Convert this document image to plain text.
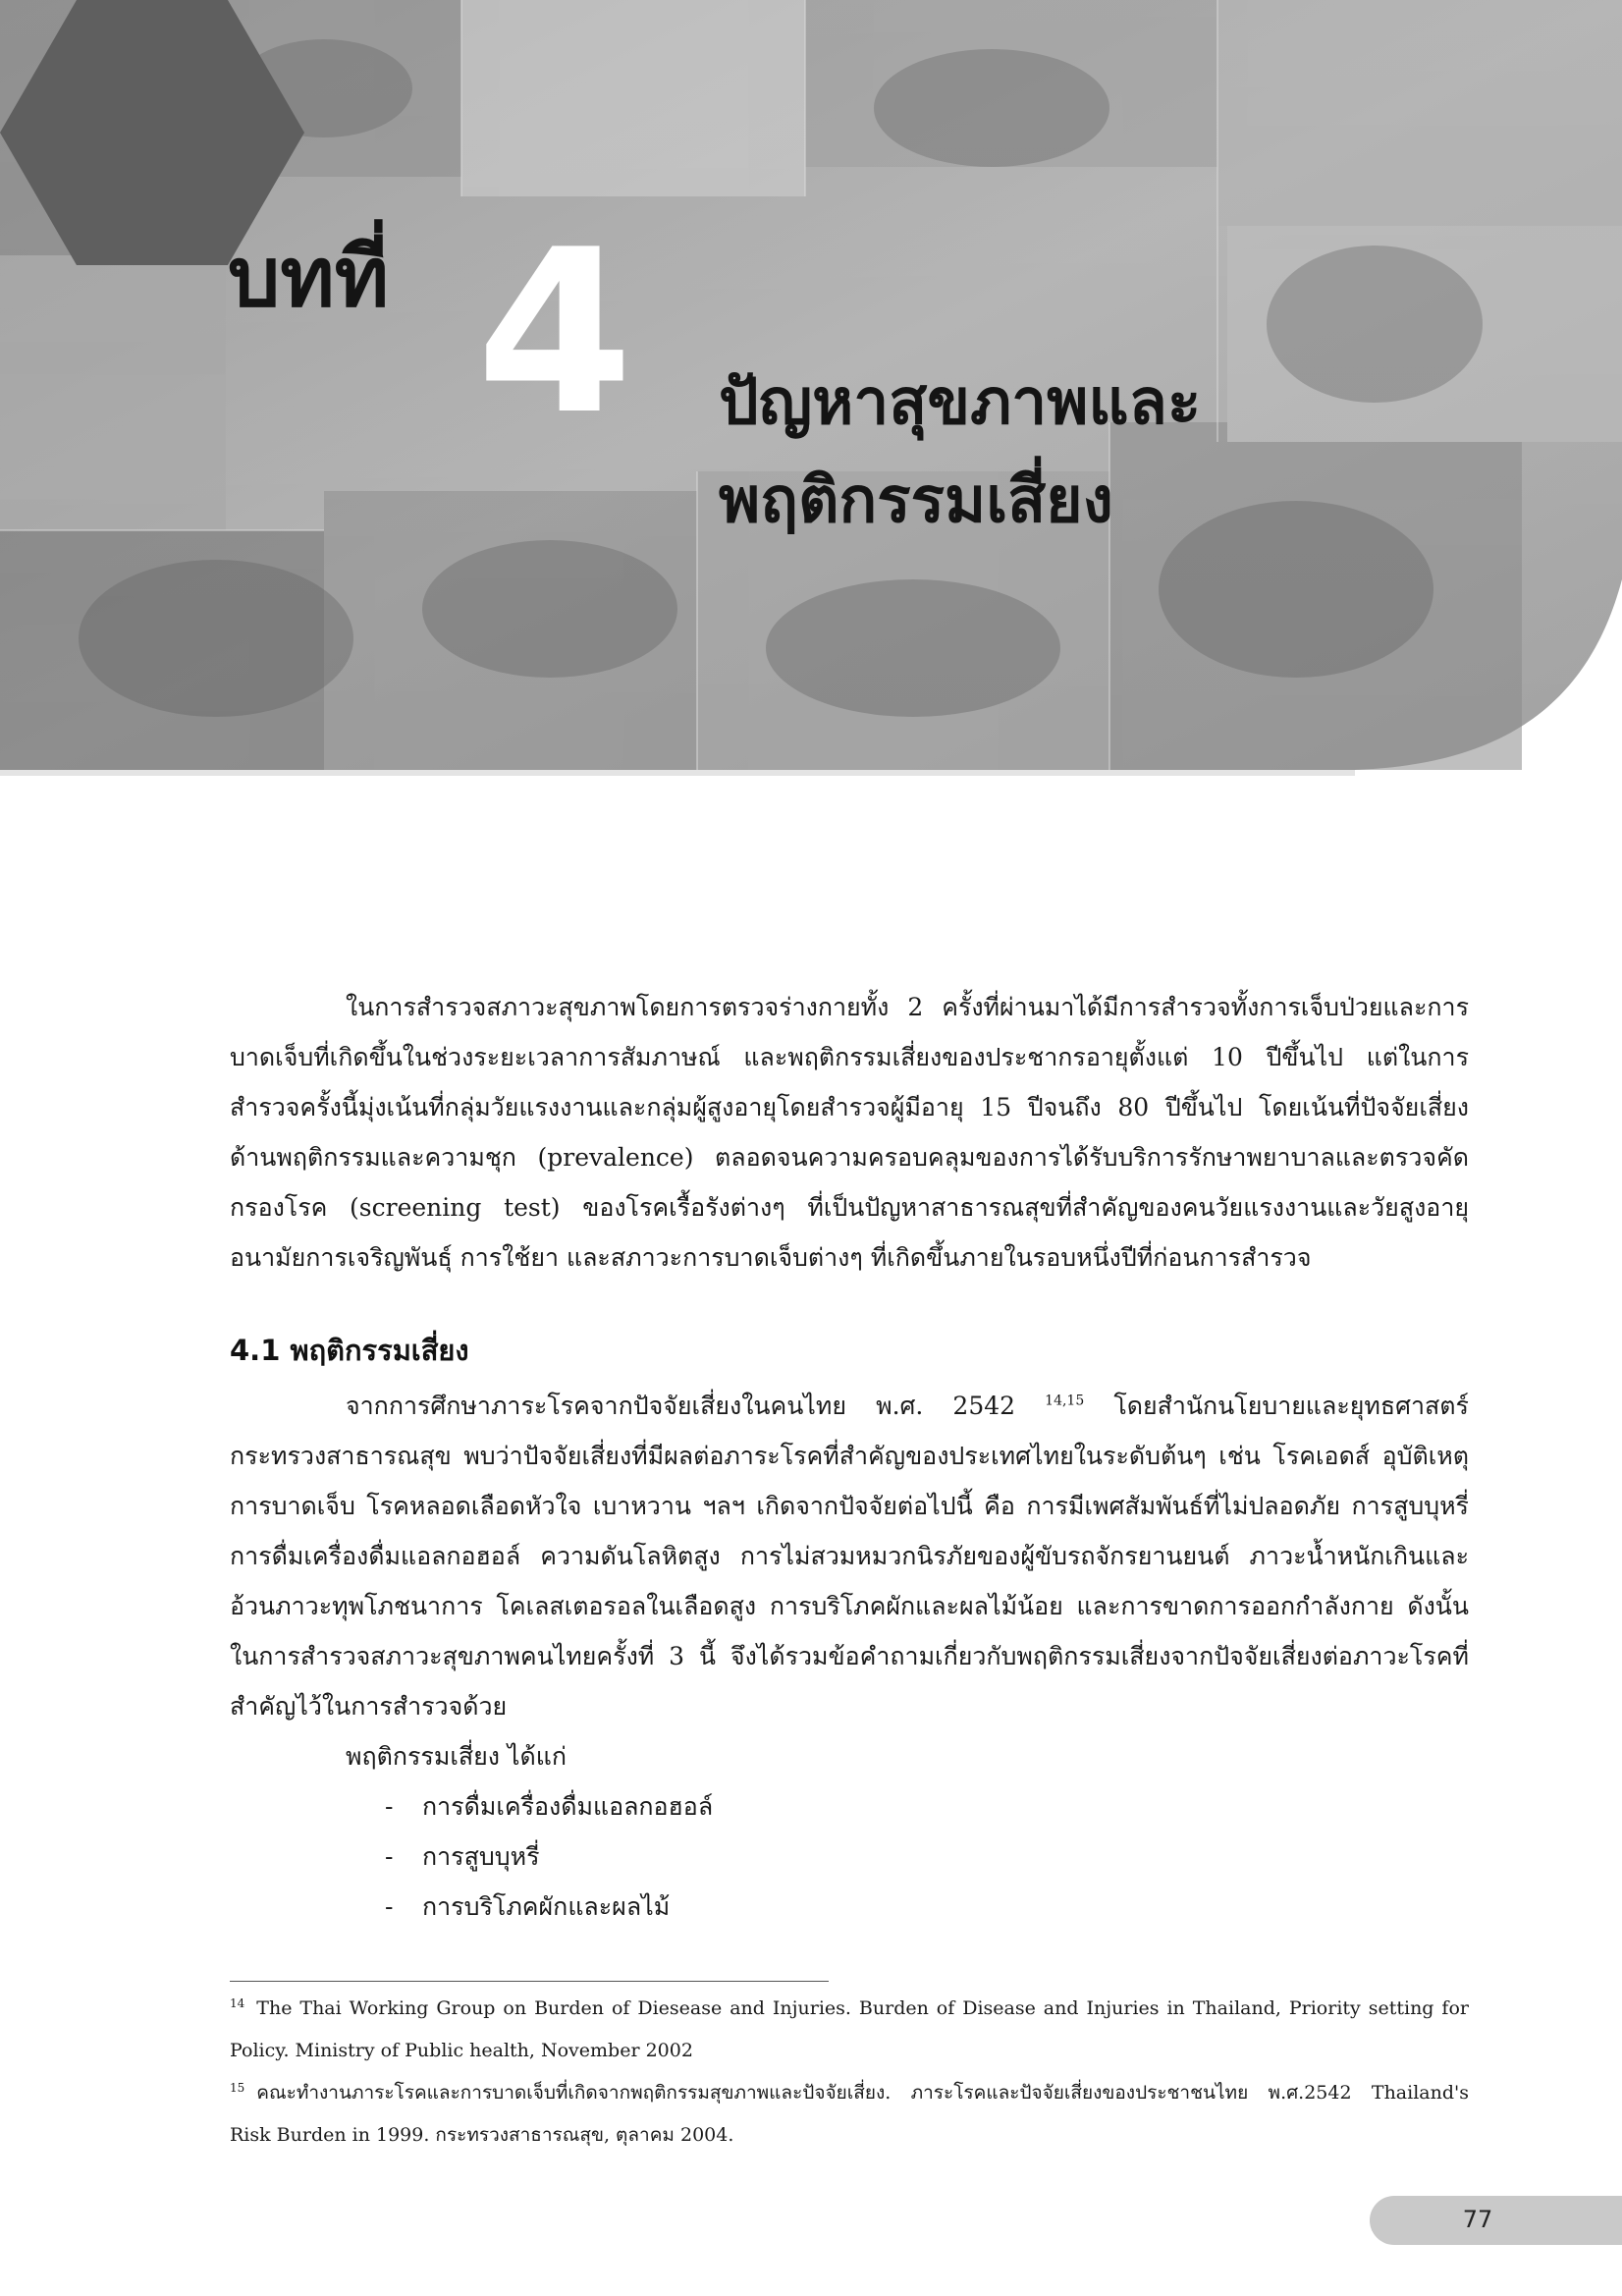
บทที่ 4	ปัญหาสุขภาพและ
พฤติกรรมเสี่ยง

ในการสำรวจสภาวะสุขภาพโดยการตรวจร่างกายทั้ง 2 ครั้งที่ผ่านมาได้มีการสำรวจทั้งการเจ็บป่วยและการบาดเจ็บที่เกิดขึ้นในช่วงระยะเวลาการสัมภาษณ์ และพฤติกรรมเสี่ยงของประชากรอายุตั้งแต่ 10 ปีขึ้นไป แต่ในการสำรวจครั้งนี้มุ่งเน้นที่กลุ่มวัยแรงงานและกลุ่มผู้สูงอายุโดยสำรวจผู้มีอายุ 15 ปีจนถึง 80 ปีขึ้นไป โดยเน้นที่ปัจจัยเสี่ยงด้านพฤติกรรมและความชุก (prevalence) ตลอดจนความครอบคลุมของการได้รับบริการรักษาพยาบาลและตรวจคัดกรองโรค (screening test) ของโรคเรื้อรังต่างๆ ที่เป็นปัญหาสาธารณสุขที่สำคัญของคนวัยแรงงานและวัยสูงอายุ อนามัยการเจริญพันธุ์ การใช้ยา และสภาวะการบาดเจ็บต่างๆ ที่เกิดขึ้นภายในรอบหนึ่งปีที่ก่อนการสำรวจ

4.1 พฤติกรรมเสี่ยง

จากการศึกษาภาระโรคจากปัจจัยเสี่ยงในคนไทย พ.ศ. 2542 $^{14,15}$ โดยสำนักนโยบายและยุทธศาสตร์กระทรวงสาธารณสุข พบว่าปัจจัยเสี่ยงที่มีผลต่อภาระโรคที่สำคัญของประเทศไทยในระดับต้นๆ เช่น โรคเอดส์ อุบัติเหตุการบาดเจ็บ โรคหลอดเลือดหัวใจ เบาหวาน ฯลฯ เกิดจากปัจจัยต่อไปนี้ คือ การมีเพศสัมพันธ์ที่ไม่ปลอดภัย การสูบบุหรี่การดื่มเครื่องดื่มแอลกอฮอล์ ความดันโลหิตสูง การไม่สวมหมวกนิรภัยของผู้ขับรถจักรยานยนต์ ภาวะน้ำหนักเกินและอ้วนภาวะทุพโภชนาการ โคเลสเตอรอลในเลือดสูง การบริโภคผักและผลไม้น้อย และการขาดการออกกำลังกาย ดังนั้นในการสำรวจสภาวะสุขภาพคนไทยครั้งที่ 3 นี้ จึงได้รวมข้อคำถามเกี่ยวกับพฤติกรรมเสี่ยงจากปัจจัยเสี่ยงต่อภาวะโรคที่สำคัญไว้ในการสำรวจด้วย

พฤติกรรมเสี่ยง ได้แก่

- การดื่มเครื่องดื่มแอลกอฮอล์
- การสูบบุหรี่
- การบริโภคผักและผลไม้

$^{14}$ The Thai Working Group on Burden of Diesease and Injuries. Burden of Disease and Injuries in Thailand, Priority setting for Policy. Ministry of Public health, November 2002

$^{15}$ คณะทำงานภาระโรคและการบาดเจ็บที่เกิดจากพฤติกรรมสุขภาพและปัจจัยเสี่ยง. ภาระโรคและปัจจัยเสี่ยงของประชาชนไทย พ.ศ.2542 Thailand's Risk Burden in 1999. กระทรวงสาธารณสุข, ตุลาคม 2004.

77
